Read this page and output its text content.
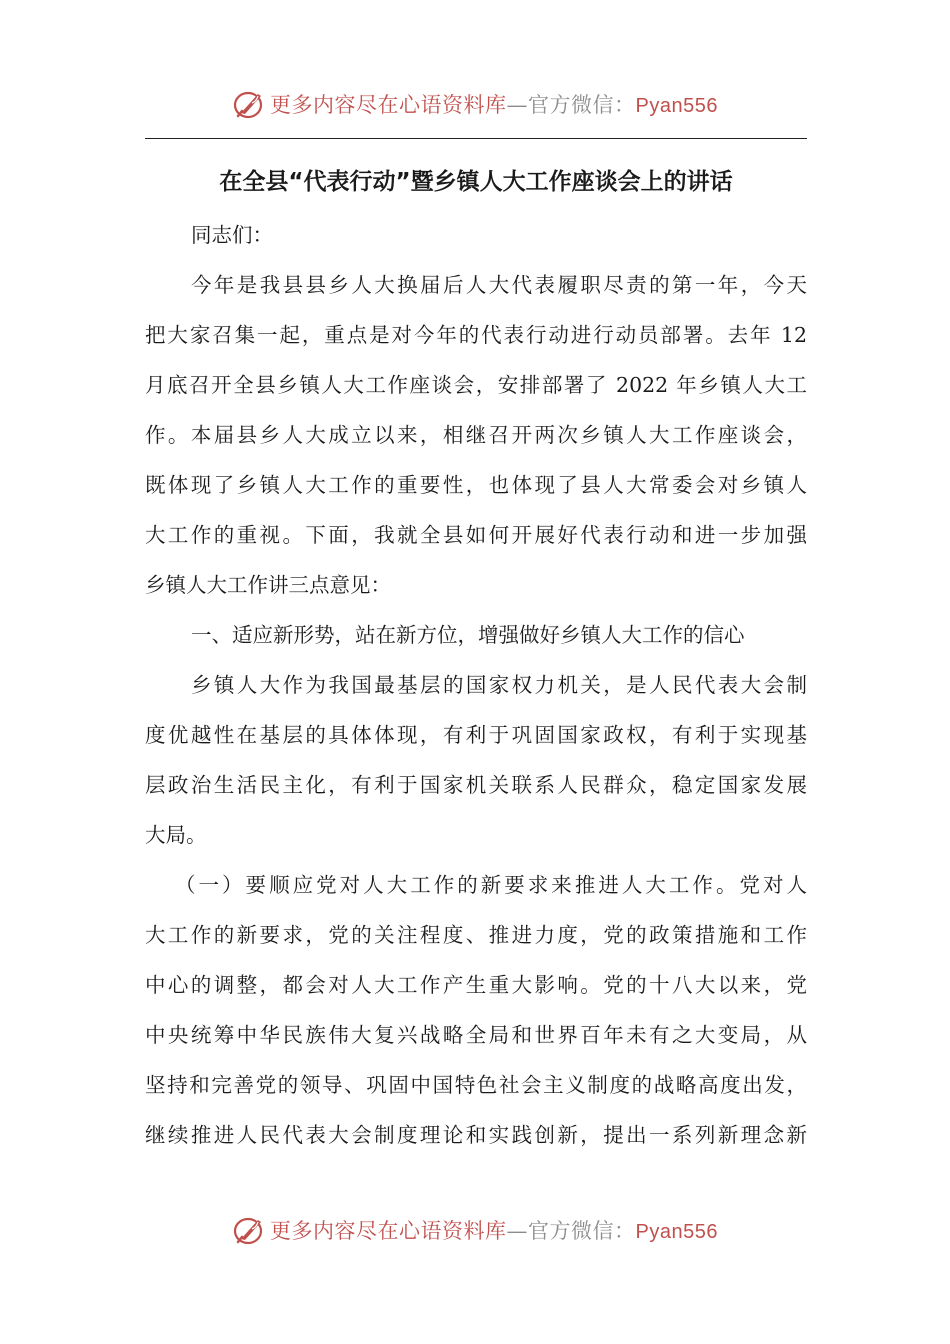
更多内容尽在心语资料库 — 官方微信： Pyan556
在全县“代表行动”暨乡镇人大工作座谈会上的讲话
同志们：
今年是我县县乡人大换届后人大代表履职尽责的第一年，今天
把大家召集一起，重点是对今年的代表行动进行动员部署。去年 12
月底召开全县乡镇人大工作座谈会，安排部署了 2022 年乡镇人大工
作。本届县乡人大成立以来，相继召开两次乡镇人大工作座谈会，
既体现了乡镇人大工作的重要性，也体现了县人大常委会对乡镇人
大工作的重视。下面，我就全县如何开展好代表行动和进一步加强
乡镇人大工作讲三点意见：
一、适应新形势，站在新方位，增强做好乡镇人大工作的信心
乡镇人大作为我国最基层的国家权力机关，是人民代表大会制
度优越性在基层的具体体现，有利于巩固国家政权，有利于实现基
层政治生活民主化，有利于国家机关联系人民群众，稳定国家发展
大局。
（一）要顺应党对人大工作的新要求来推进人大工作。党对人
大工作的新要求，党的关注程度、推进力度，党的政策措施和工作
中心的调整，都会对人大工作产生重大影响。党的十八大以来，党
中央统筹中华民族伟大复兴战略全局和世界百年未有之大变局，从
坚持和完善党的领导、巩固中国特色社会主义制度的战略高度出发，
继续推进人民代表大会制度理论和实践创新，提出一系列新理念新
更多内容尽在心语资料库 — 官方微信： Pyan556
